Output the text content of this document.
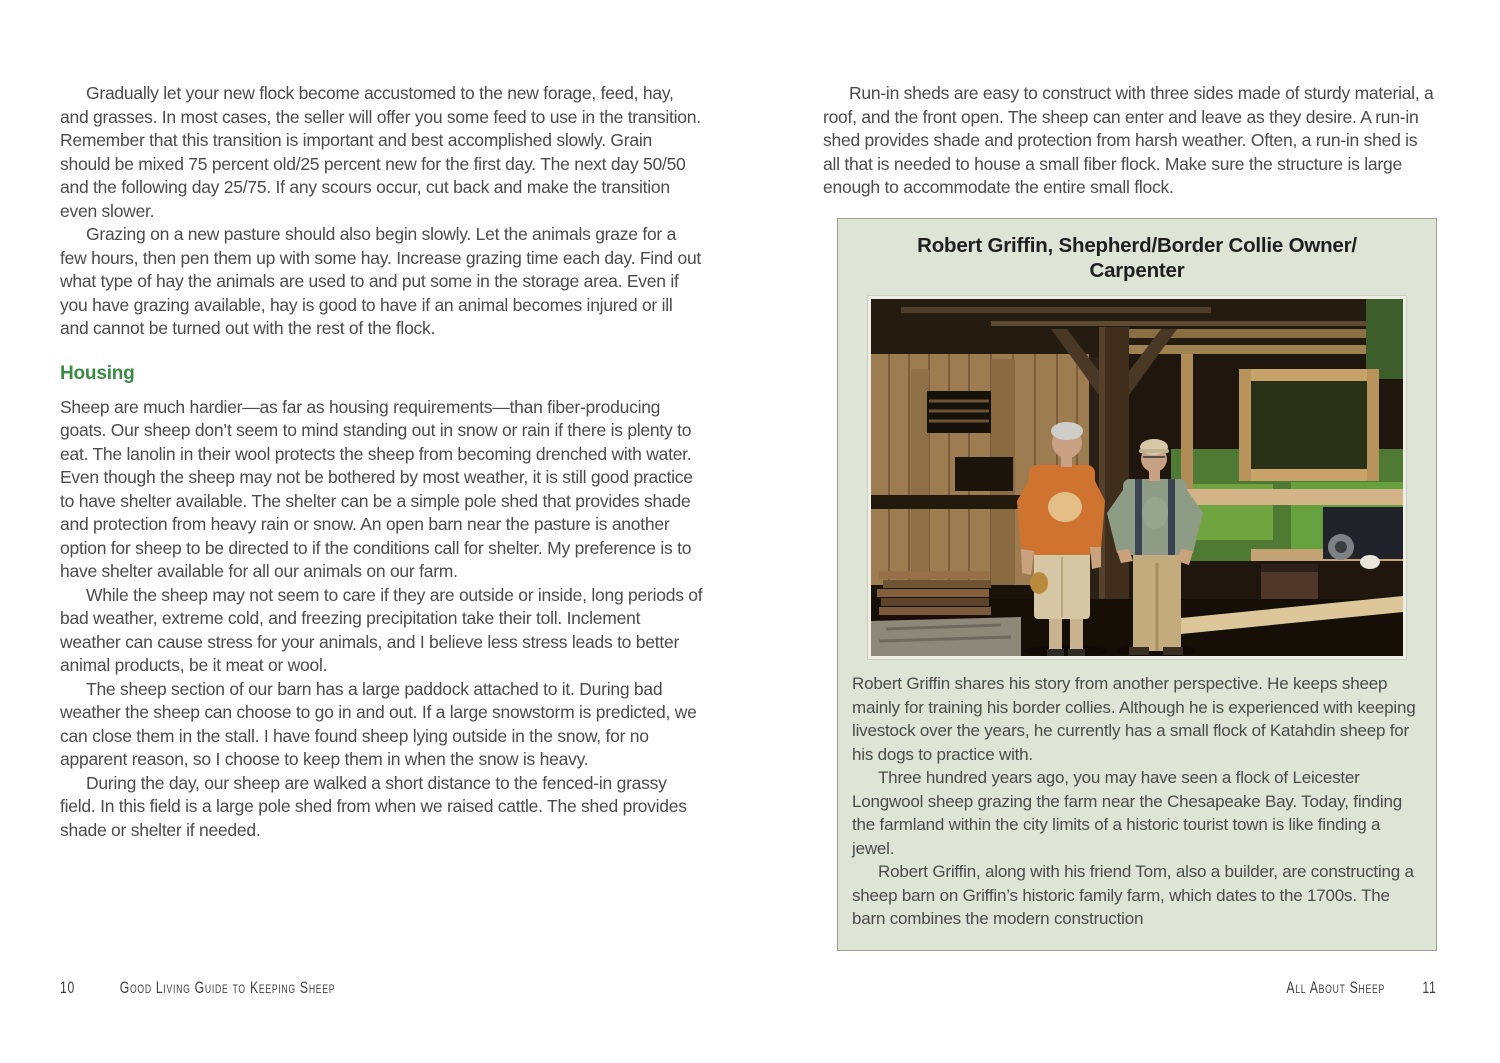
Gradually let your new flock become accustomed to the new forage, feed, hay, and grasses. In most cases, the seller will offer you some feed to use in the transition. Remember that this transition is important and best accomplished slowly. Grain should be mixed 75 percent old/25 percent new for the first day. The next day 50/50 and the following day 25/75. If any scours occur, cut back and make the transition even slower.

Grazing on a new pasture should also begin slowly. Let the animals graze for a few hours, then pen them up with some hay. Increase grazing time each day. Find out what type of hay the animals are used to and put some in the storage area. Even if you have grazing available, hay is good to have if an animal becomes injured or ill and cannot be turned out with the rest of the flock.

Housing

Sheep are much hardier—as far as housing requirements—than fiber-producing goats. Our sheep don’t seem to mind standing out in snow or rain if there is plenty to eat. The lanolin in their wool protects the sheep from becoming drenched with water. Even though the sheep may not be bothered by most weather, it is still good practice to have shelter available. The shelter can be a simple pole shed that provides shade and protection from heavy rain or snow. An open barn near the pasture is another option for sheep to be directed to if the conditions call for shelter. My preference is to have shelter available for all our animals on our farm.

While the sheep may not seem to care if they are outside or inside, long periods of bad weather, extreme cold, and freezing precipitation take their toll. Inclement weather can cause stress for your animals, and I believe less stress leads to better animal products, be it meat or wool.

The sheep section of our barn has a large paddock attached to it. During bad weather the sheep can choose to go in and out. If a large snowstorm is predicted, we can close them in the stall. I have found sheep lying outside in the snow, for no apparent reason, so I choose to keep them in when the snow is heavy.

During the day, our sheep are walked a short distance to the fenced-in grassy field. In this field is a large pole shed from when we raised cattle. The shed provides shade or shelter if needed.

Run-in sheds are easy to construct with three sides made of sturdy material, a roof, and the front open. The sheep can enter and leave as they desire. A run-in shed provides shade and protection from harsh weather. Often, a run-in shed is all that is needed to house a small fiber flock. Make sure the structure is large enough to accommodate the entire small flock.

Robert Griffin, Shepherd/Border Collie Owner/
Carpenter

Robert Griffin shares his story from another perspective. He keeps sheep mainly for training his border collies. Although he is experienced with keeping livestock over the years, he currently has a small flock of Katahdin sheep for his dogs to practice with.

Three hundred years ago, you may have seen a flock of Leicester Longwool sheep grazing the farm near the Chesapeake Bay. Today, finding the farmland within the city limits of a historic tourist town is like finding a jewel.

Robert Griffin, along with his friend Tom, also a builder, are constructing a sheep barn on Griffin’s historic family farm, which dates to the 1700s. The barn combines the modern construction

10	Good Living Guide to Keeping Sheep	All About Sheep 11
